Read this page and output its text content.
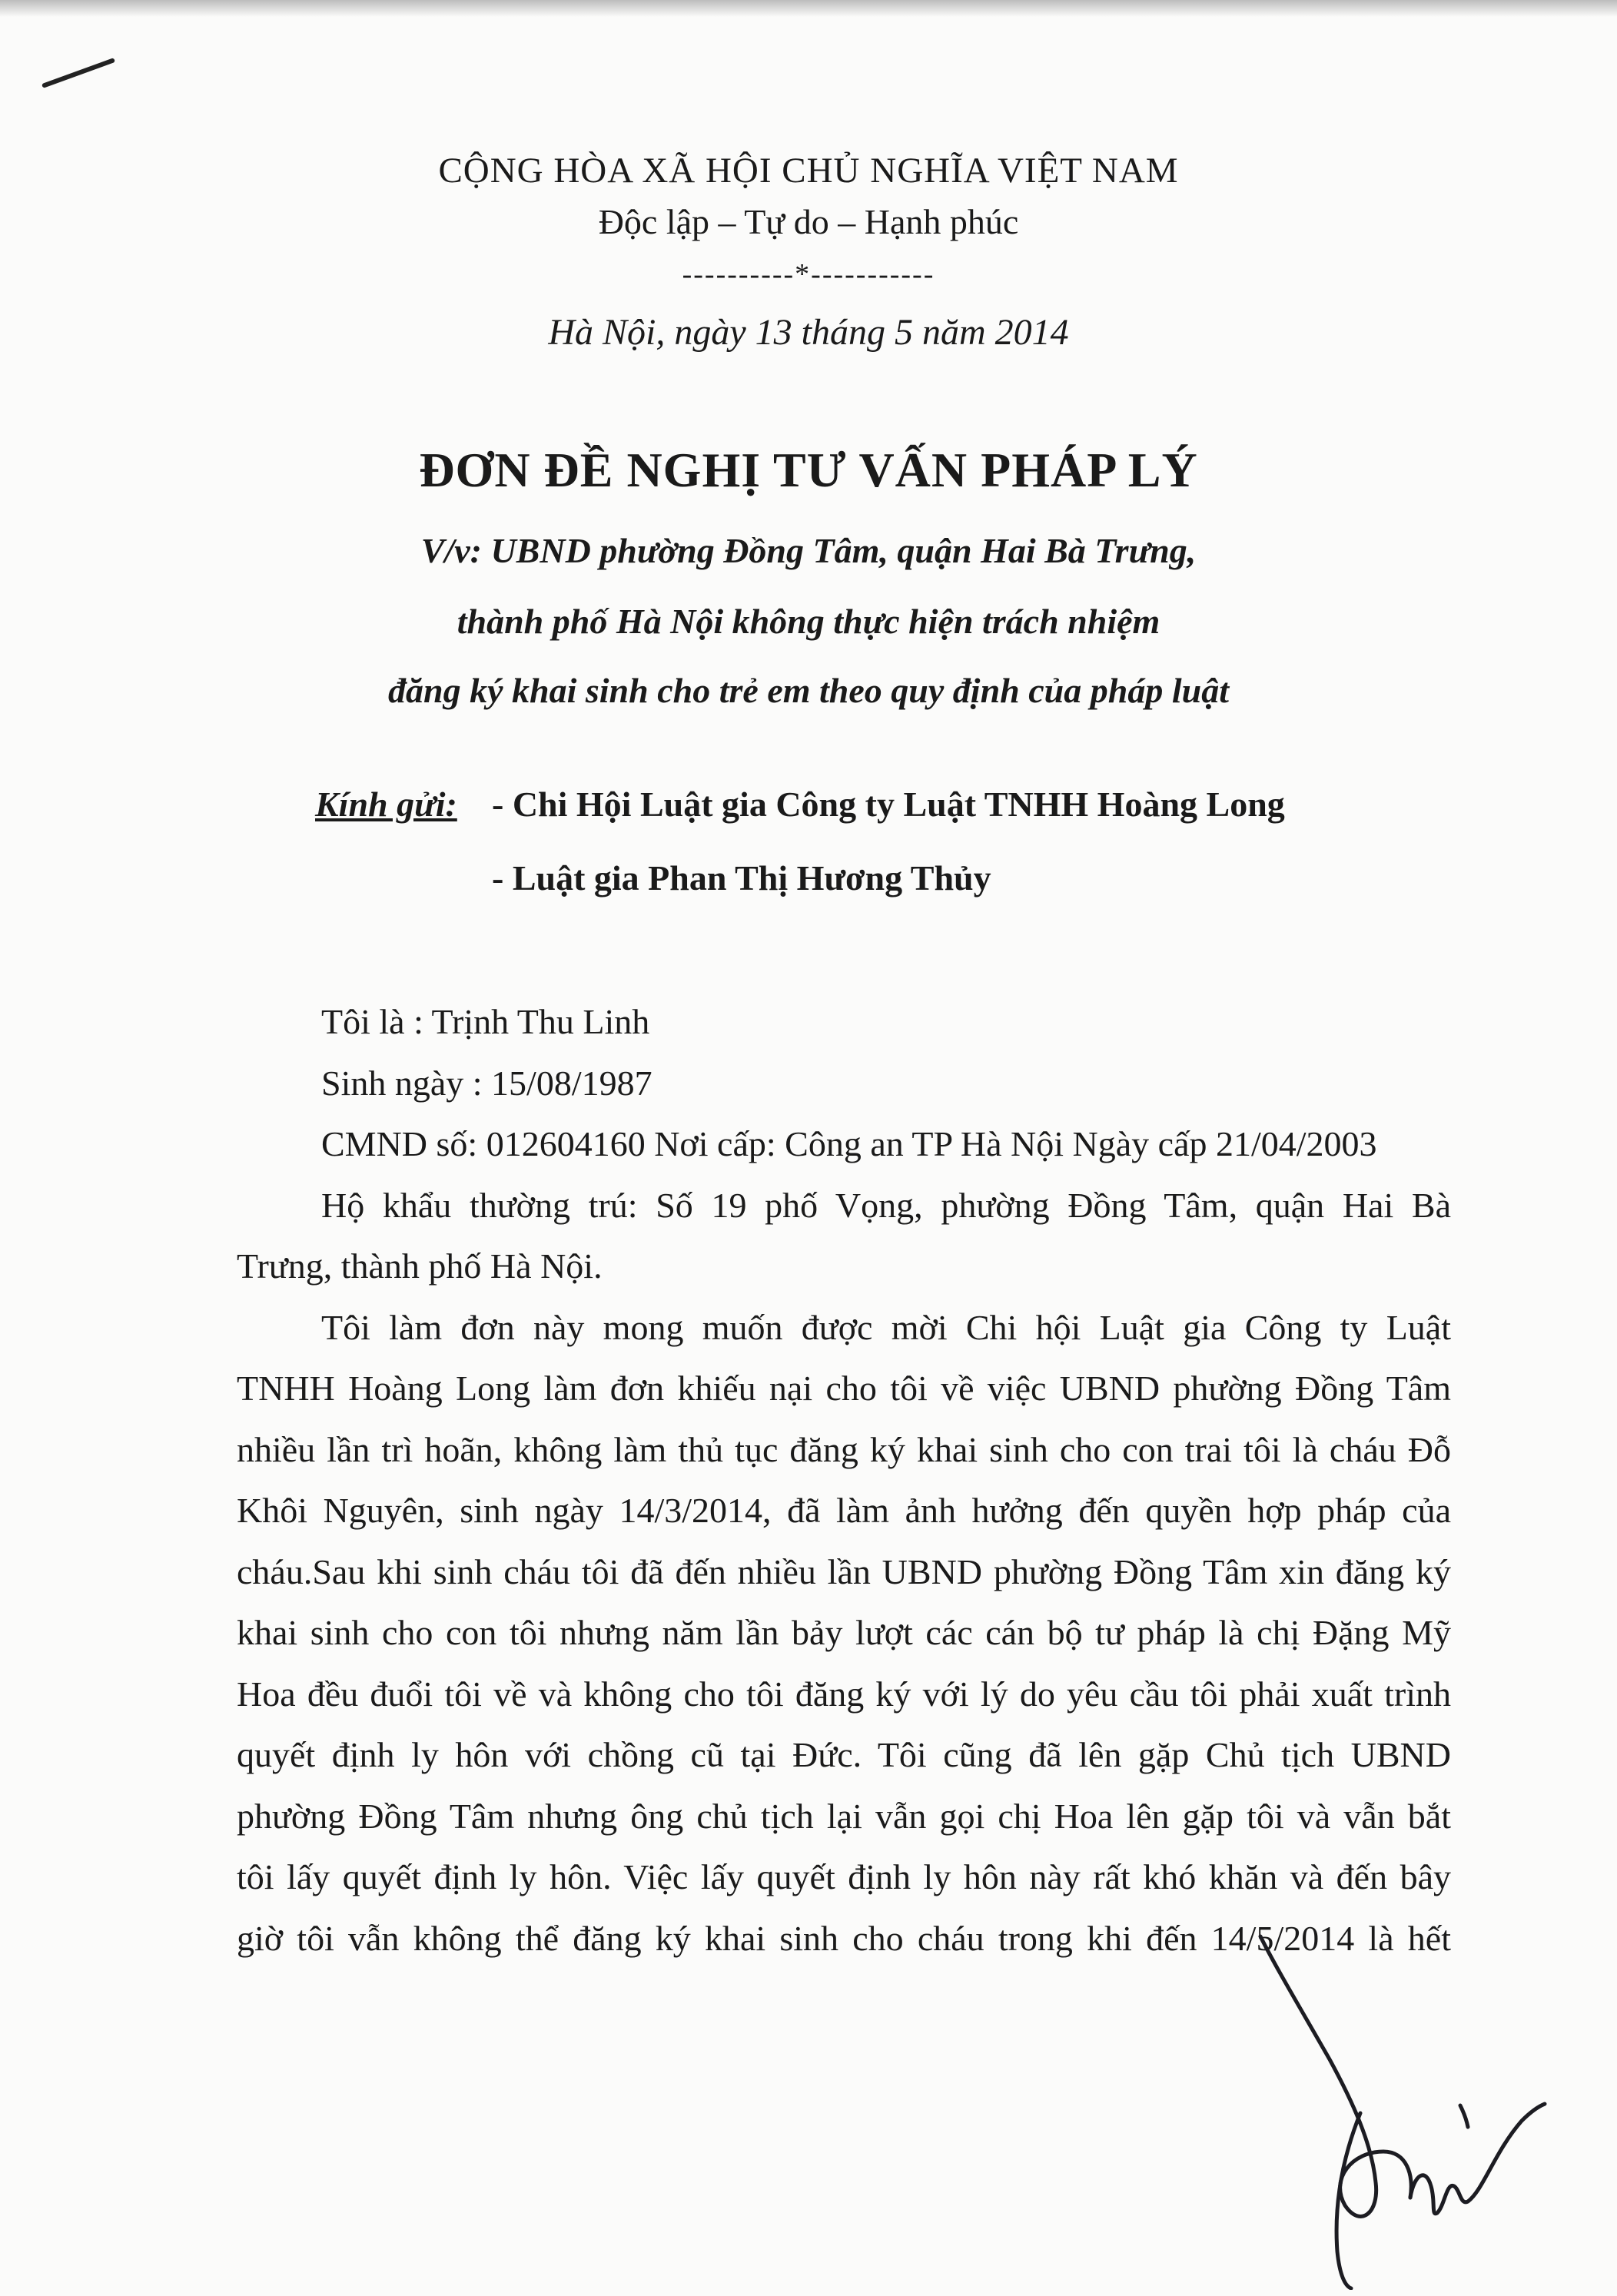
CỘNG HÒA XÃ HỘI CHỦ NGHĨA VIỆT NAM
Độc lập – Tự do – Hạnh phúc
----------*-----------
Hà Nội, ngày 13 tháng 5 năm 2014
ĐƠN ĐỀ NGHỊ TƯ VẤN PHÁP LÝ
V/v: UBND phường Đồng Tâm, quận Hai Bà Trưng,
thành phố Hà Nội không thực hiện trách nhiệm
đăng ký khai sinh cho trẻ em theo quy định của pháp luật
Kính gửi: - Chi Hội Luật gia Công ty Luật TNHH Hoàng Long
- Luật gia Phan Thị Hương Thủy
Tôi là : Trịnh Thu Linh
Sinh ngày : 15/08/1987
CMND số: 012604160 Nơi cấp: Công an TP Hà Nội Ngày cấp 21/04/2003
Hộ khẩu thường trú: Số 19 phố Vọng, phường Đồng Tâm, quận Hai Bà
Trưng, thành phố Hà Nội.
Tôi làm đơn này mong muốn được mời Chi hội Luật gia Công ty Luật
TNHH Hoàng Long làm đơn khiếu nại cho tôi về việc UBND phường Đồng Tâm
nhiều lần trì hoãn, không làm thủ tục đăng ký khai sinh cho con trai tôi là cháu Đỗ
Khôi Nguyên, sinh ngày 14/3/2014, đã làm ảnh hưởng đến quyền hợp pháp của
cháu.Sau khi sinh cháu tôi đã đến nhiều lần UBND phường Đồng Tâm xin đăng ký
khai sinh cho con tôi nhưng năm lần bảy lượt các cán bộ tư pháp là chị Đặng Mỹ
Hoa đều đuổi tôi về và không cho tôi đăng ký với lý do yêu cầu tôi phải xuất trình
quyết định ly hôn với chồng cũ tại Đức. Tôi cũng đã lên gặp Chủ tịch UBND
phường Đồng Tâm nhưng ông chủ tịch lại vẫn gọi chị Hoa lên gặp tôi và vẫn bắt
tôi lấy quyết định ly hôn. Việc lấy quyết định ly hôn này rất khó khăn và đến bây
giờ tôi vẫn không thể đăng ký khai sinh cho cháu trong khi đến 14/5/2014 là hết
